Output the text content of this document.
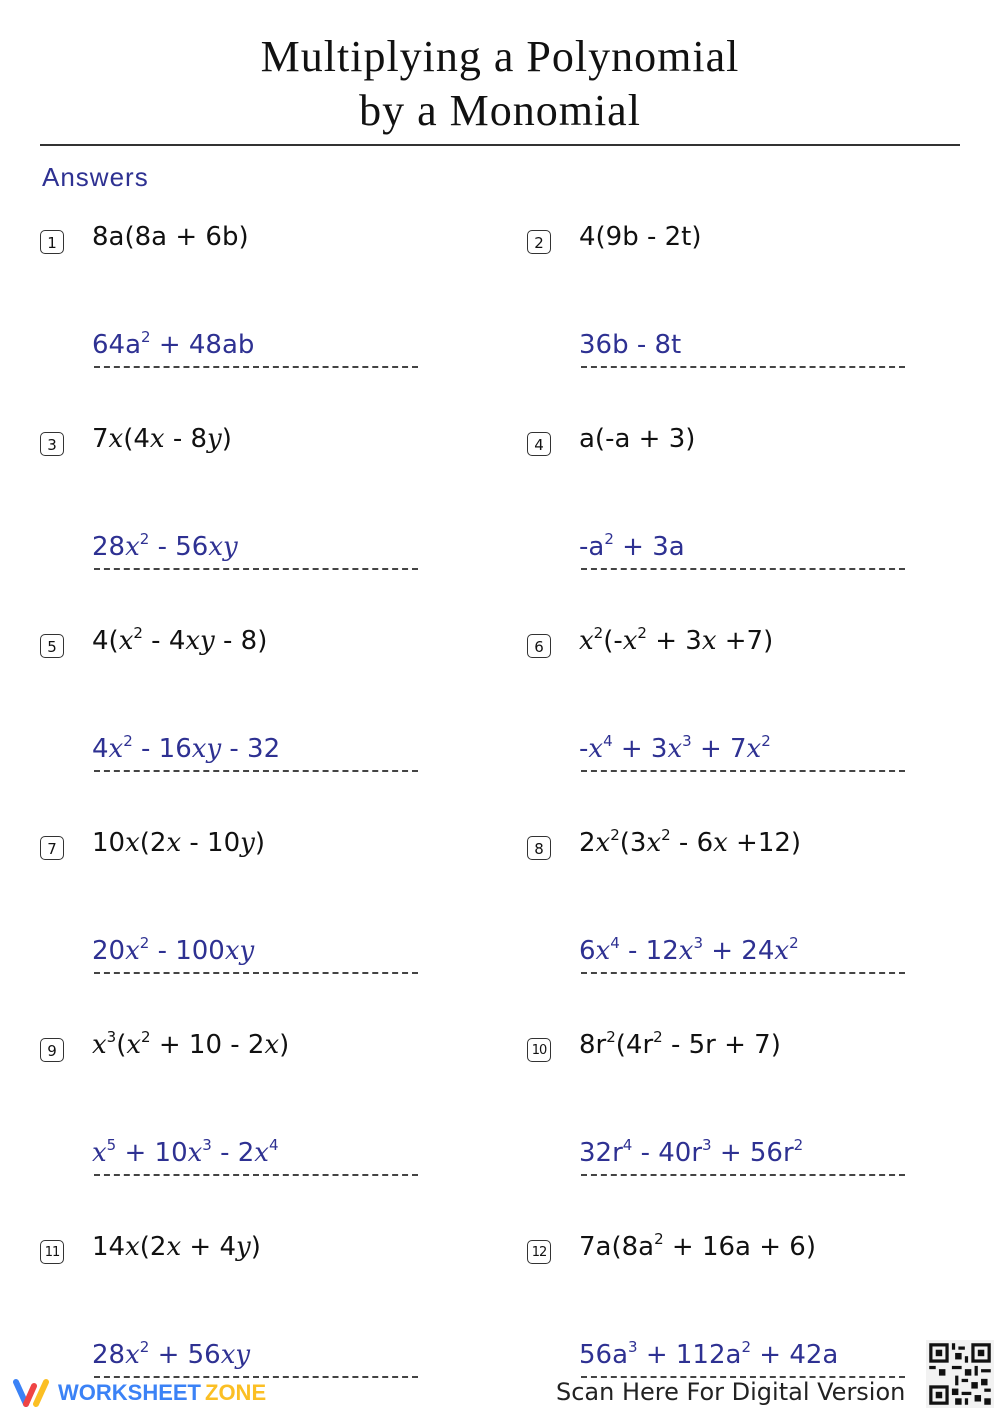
Multiplying a Polynomial
by a Monomial
Answers
1 8a(8a + 6b)
$64a^2 + 48ab$
2 4(9b - 2t)
36b - 8t
3 7x(4x - 8y)
$28x^2 - 56xy$
4 a(-a + 3)
$-a^2 + 3a$
5 $4(x^2 - 4xy - 8)$
$4x^2 - 16xy - 32$
6 $x^2(-x^2 + 3x +7)$
$-x^4 + 3x^3 + 7x^2$
7 10x(2x - 10y)
$20x^2 - 100xy$
8 $2x^2(3x^2 - 6x +12)$
$6x^4 - 12x^3 + 24x^2$
9 $x^3(x^2 + 10 - 2x)$
$x^5 + 10x^3 - 2x^4$
10 $8r^2(4r^2 - 5r + 7)$
$32r^4 - 40r^3 + 56r^2$
11 14x(2x + 4y)
$28x^2 + 56xy$
12 $7a(8a^2 + 16a + 6)$
$56a^3 + 112a^2 + 42a$
WORKSHEET ZONE	Scan Here For Digital Version
